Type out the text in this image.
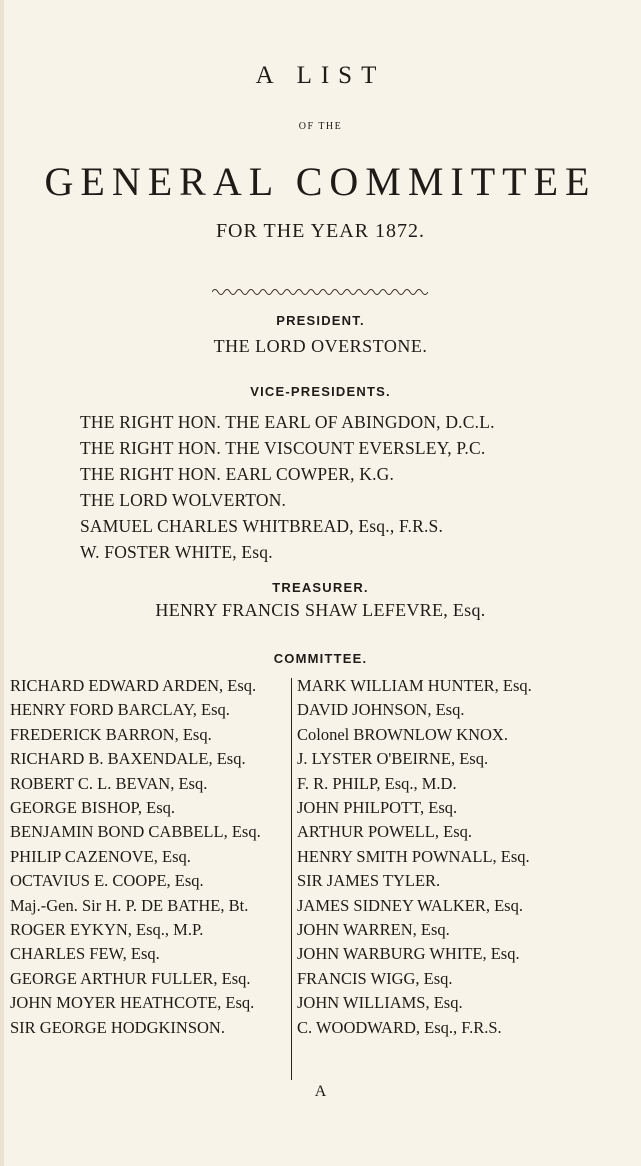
A LIST
OF THE
GENERAL COMMITTEE
FOR THE YEAR 1872.
PRESIDENT.
THE LORD OVERSTONE.
VICE-PRESIDENTS.
THE RIGHT HON. THE EARL OF ABINGDON, D.C.L.
THE RIGHT HON. THE VISCOUNT EVERSLEY, P.C.
THE RIGHT HON. EARL COWPER, K.G.
THE LORD WOLVERTON.
SAMUEL CHARLES WHITBREAD, Esq., F.R.S.
W. FOSTER WHITE, Esq.
TREASURER.
HENRY FRANCIS SHAW LEFEVRE, Esq.
COMMITTEE.
RICHARD EDWARD ARDEN, Esq.
HENRY FORD BARCLAY, Esq.
FREDERICK BARRON, Esq.
RICHARD B. BAXENDALE, Esq.
ROBERT C. L. BEVAN, Esq.
GEORGE BISHOP, Esq.
BENJAMIN BOND CABBELL, Esq.
PHILIP CAZENOVE, Esq.
OCTAVIUS E. COOPE, Esq.
Maj.-Gen. Sir H. P. DE BATHE, Bt.
ROGER EYKYN, Esq., M.P.
CHARLES FEW, Esq.
GEORGE ARTHUR FULLER, Esq.
JOHN MOYER HEATHCOTE, Esq.
SIR GEORGE HODGKINSON.
MARK WILLIAM HUNTER, Esq.
DAVID JOHNSON, Esq.
Colonel BROWNLOW KNOX.
J. LYSTER O'BEIRNE, Esq.
F. R. PHILP, Esq., M.D.
JOHN PHILPOTT, Esq.
ARTHUR POWELL, Esq.
HENRY SMITH POWNALL, Esq.
SIR JAMES TYLER.
JAMES SIDNEY WALKER, Esq.
JOHN WARREN, Esq.
JOHN WARBURG WHITE, Esq.
FRANCIS WIGG, Esq.
JOHN WILLIAMS, Esq.
C. WOODWARD, Esq., F.R.S.
A
